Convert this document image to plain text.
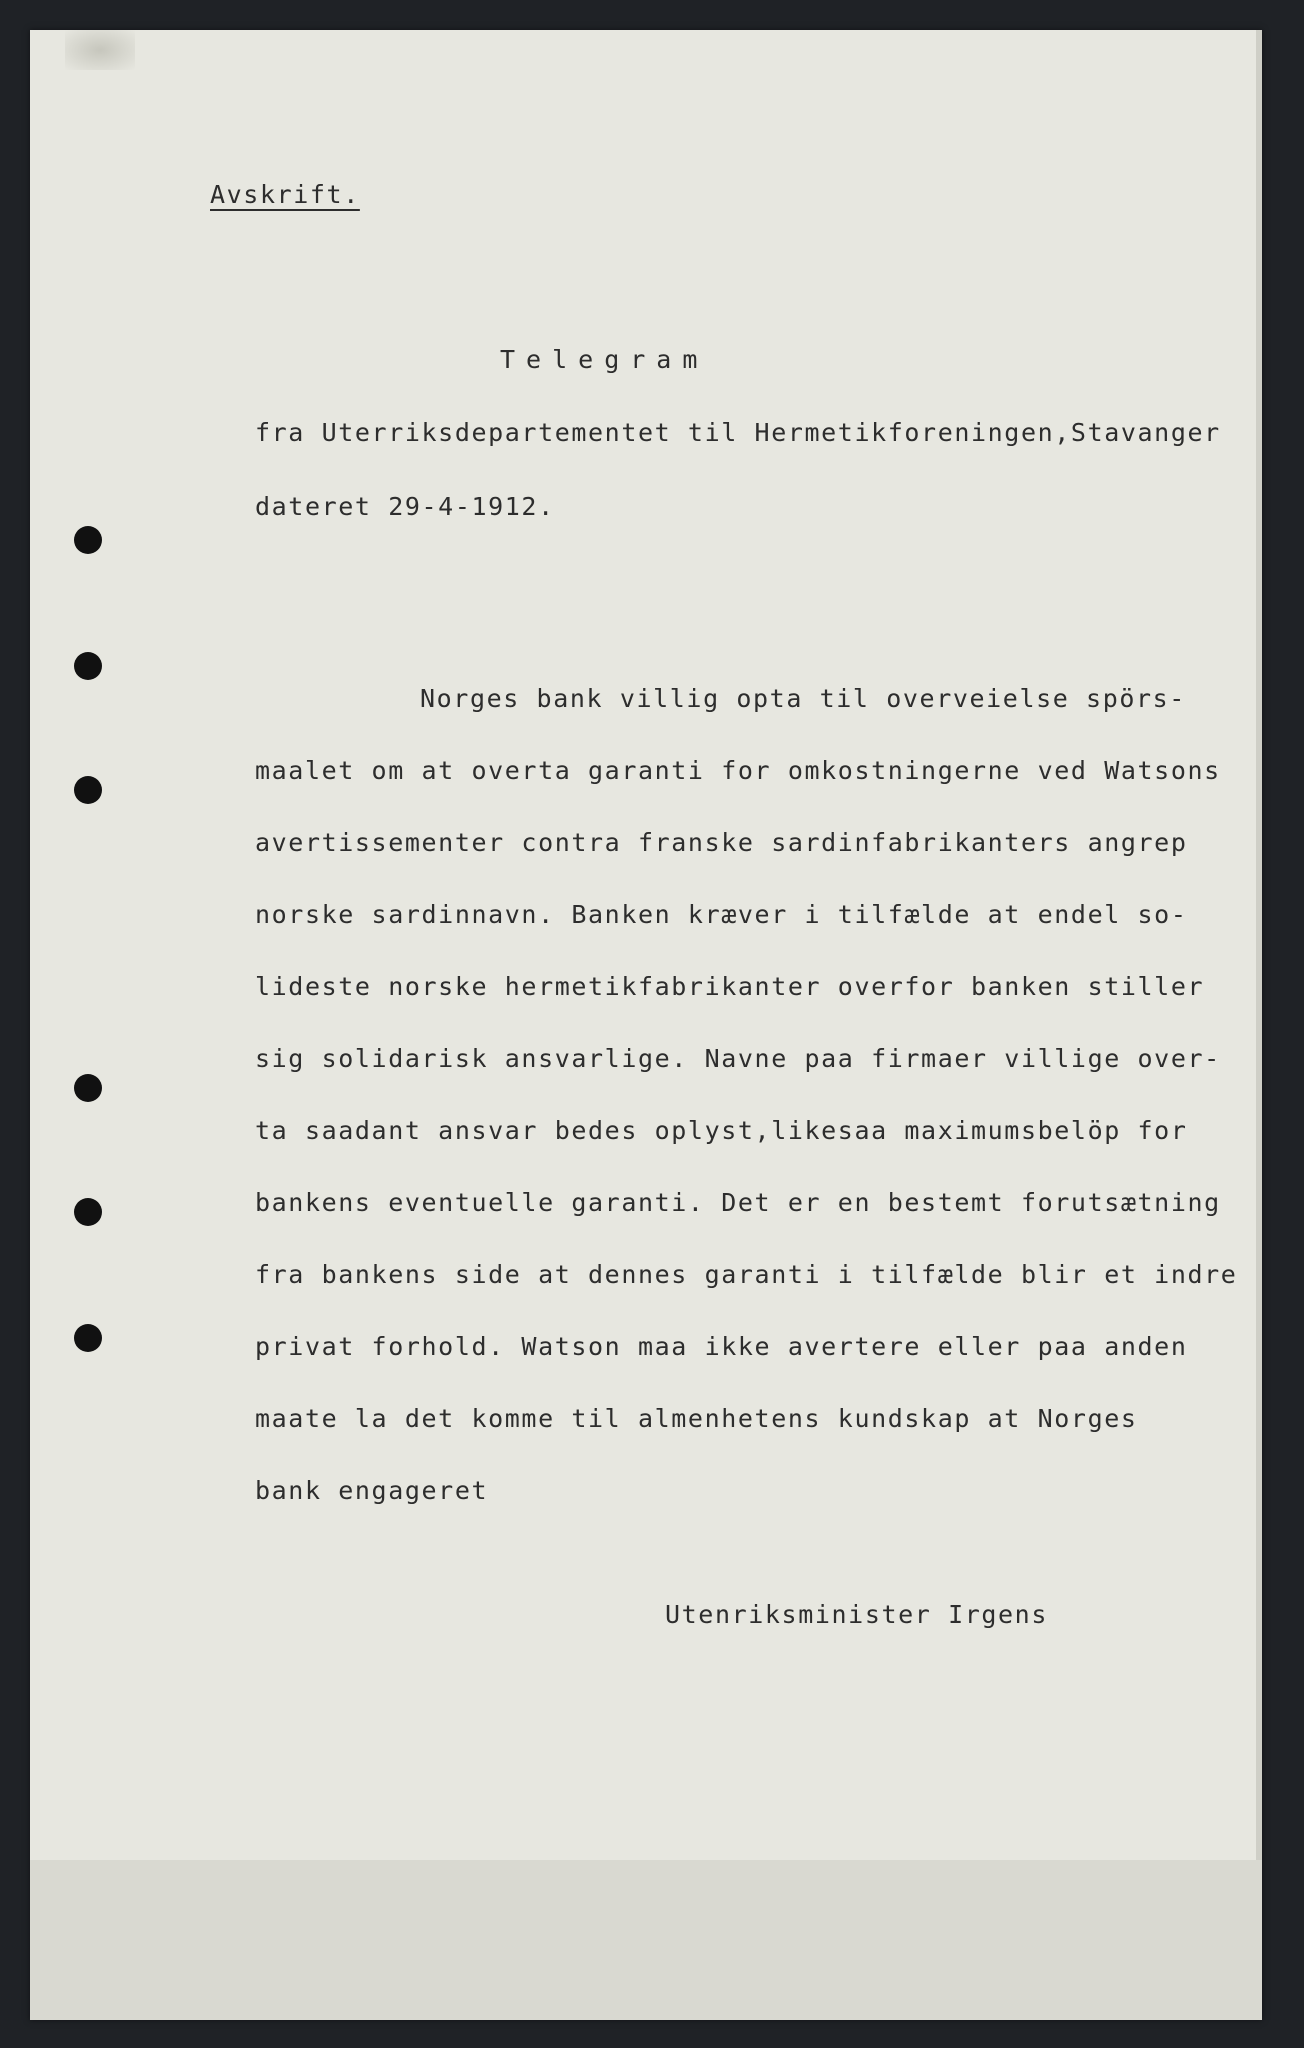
Avskrift.
Telegram
fra Uterriksdepartementet til Hermetikforeningen,Stavanger
dateret 29-4-1912.
Norges bank villig opta til overveielse spörs-
maalet om at overta garanti for omkostningerne ved Watsons
avertissementer contra franske sardinfabrikanters angrep
norske sardinnavn. Banken kræver i tilfælde at endel so-
lideste norske hermetikfabrikanter overfor banken stiller
sig solidarisk ansvarlige. Navne paa firmaer villige over-
ta saadant ansvar bedes oplyst,likesaa maximumsbelöp for
bankens eventuelle garanti. Det er en bestemt forutsætning
fra bankens side at dennes garanti i tilfælde blir et indre
privat forhold. Watson maa ikke avertere eller paa anden
maate la det komme til almenhetens kundskap at Norges
bank engageret
Utenriksminister Irgens
